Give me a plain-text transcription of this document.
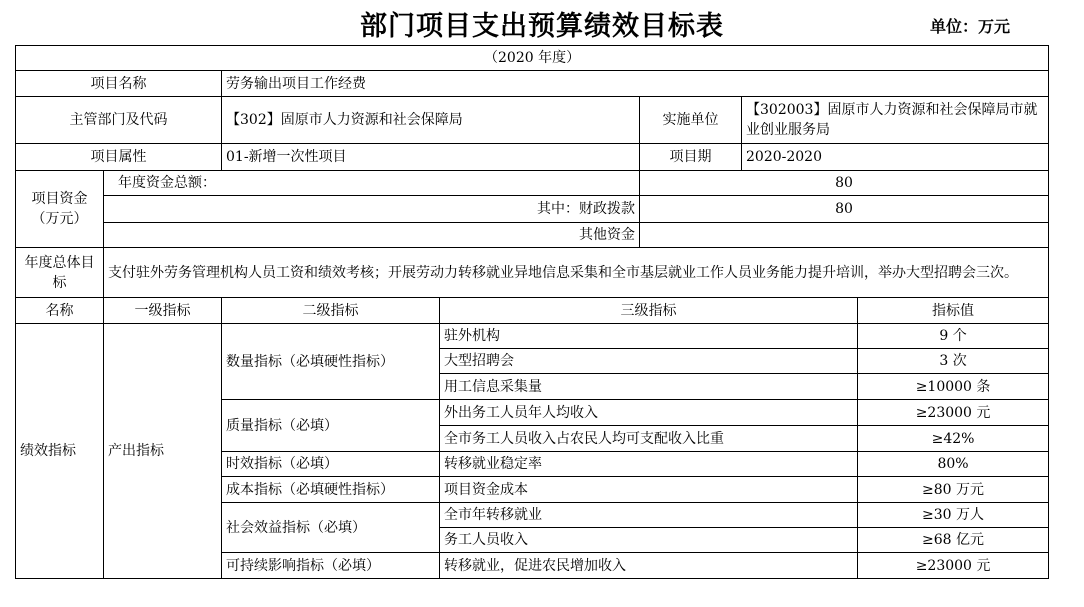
部门项目支出预算绩效目标表	单位：万元
（2020 年度）						
项目名称		劳务输出项目工作经费				
主管部门及代码		【302】固原市人力资源和社会保障局		实施单位	【302003】固原市人力资源和社会保障局市就业创业服务局	
项目属性		01-新增一次性项目		项目期	2020-2020	
项目资金（万元）	年度资金总额：			80		
	其中：财政拨款			80		
	其他资金					
年度总体目标	支付驻外劳务管理机构人员工资和绩效考核；开展劳动力转移就业异地信息采集和全市基层就业工作人员业务能力提升培训，举办大型招聘会三次。					
名称	一级指标	二级指标	三级指标			指标值
绩效指标	产出指标	数量指标（必填硬性指标）	驻外机构			9 个
			大型招聘会			3 次
			用工信息采集量			≥10000 条
		质量指标（必填）	外出务工人员年人均收入			≥23000 元
			全市务工人员收入占农民人均可支配收入比重			≥42%
		时效指标（必填）	转移就业稳定率			80%
		成本指标（必填硬性指标）	项目资金成本			≥80 万元
		社会效益指标（必填）	全市年转移就业			≥30 万人
			务工人员收入			≥68 亿元
		可持续影响指标（必填）	转移就业，促进农民增加收入			≥23000 元
